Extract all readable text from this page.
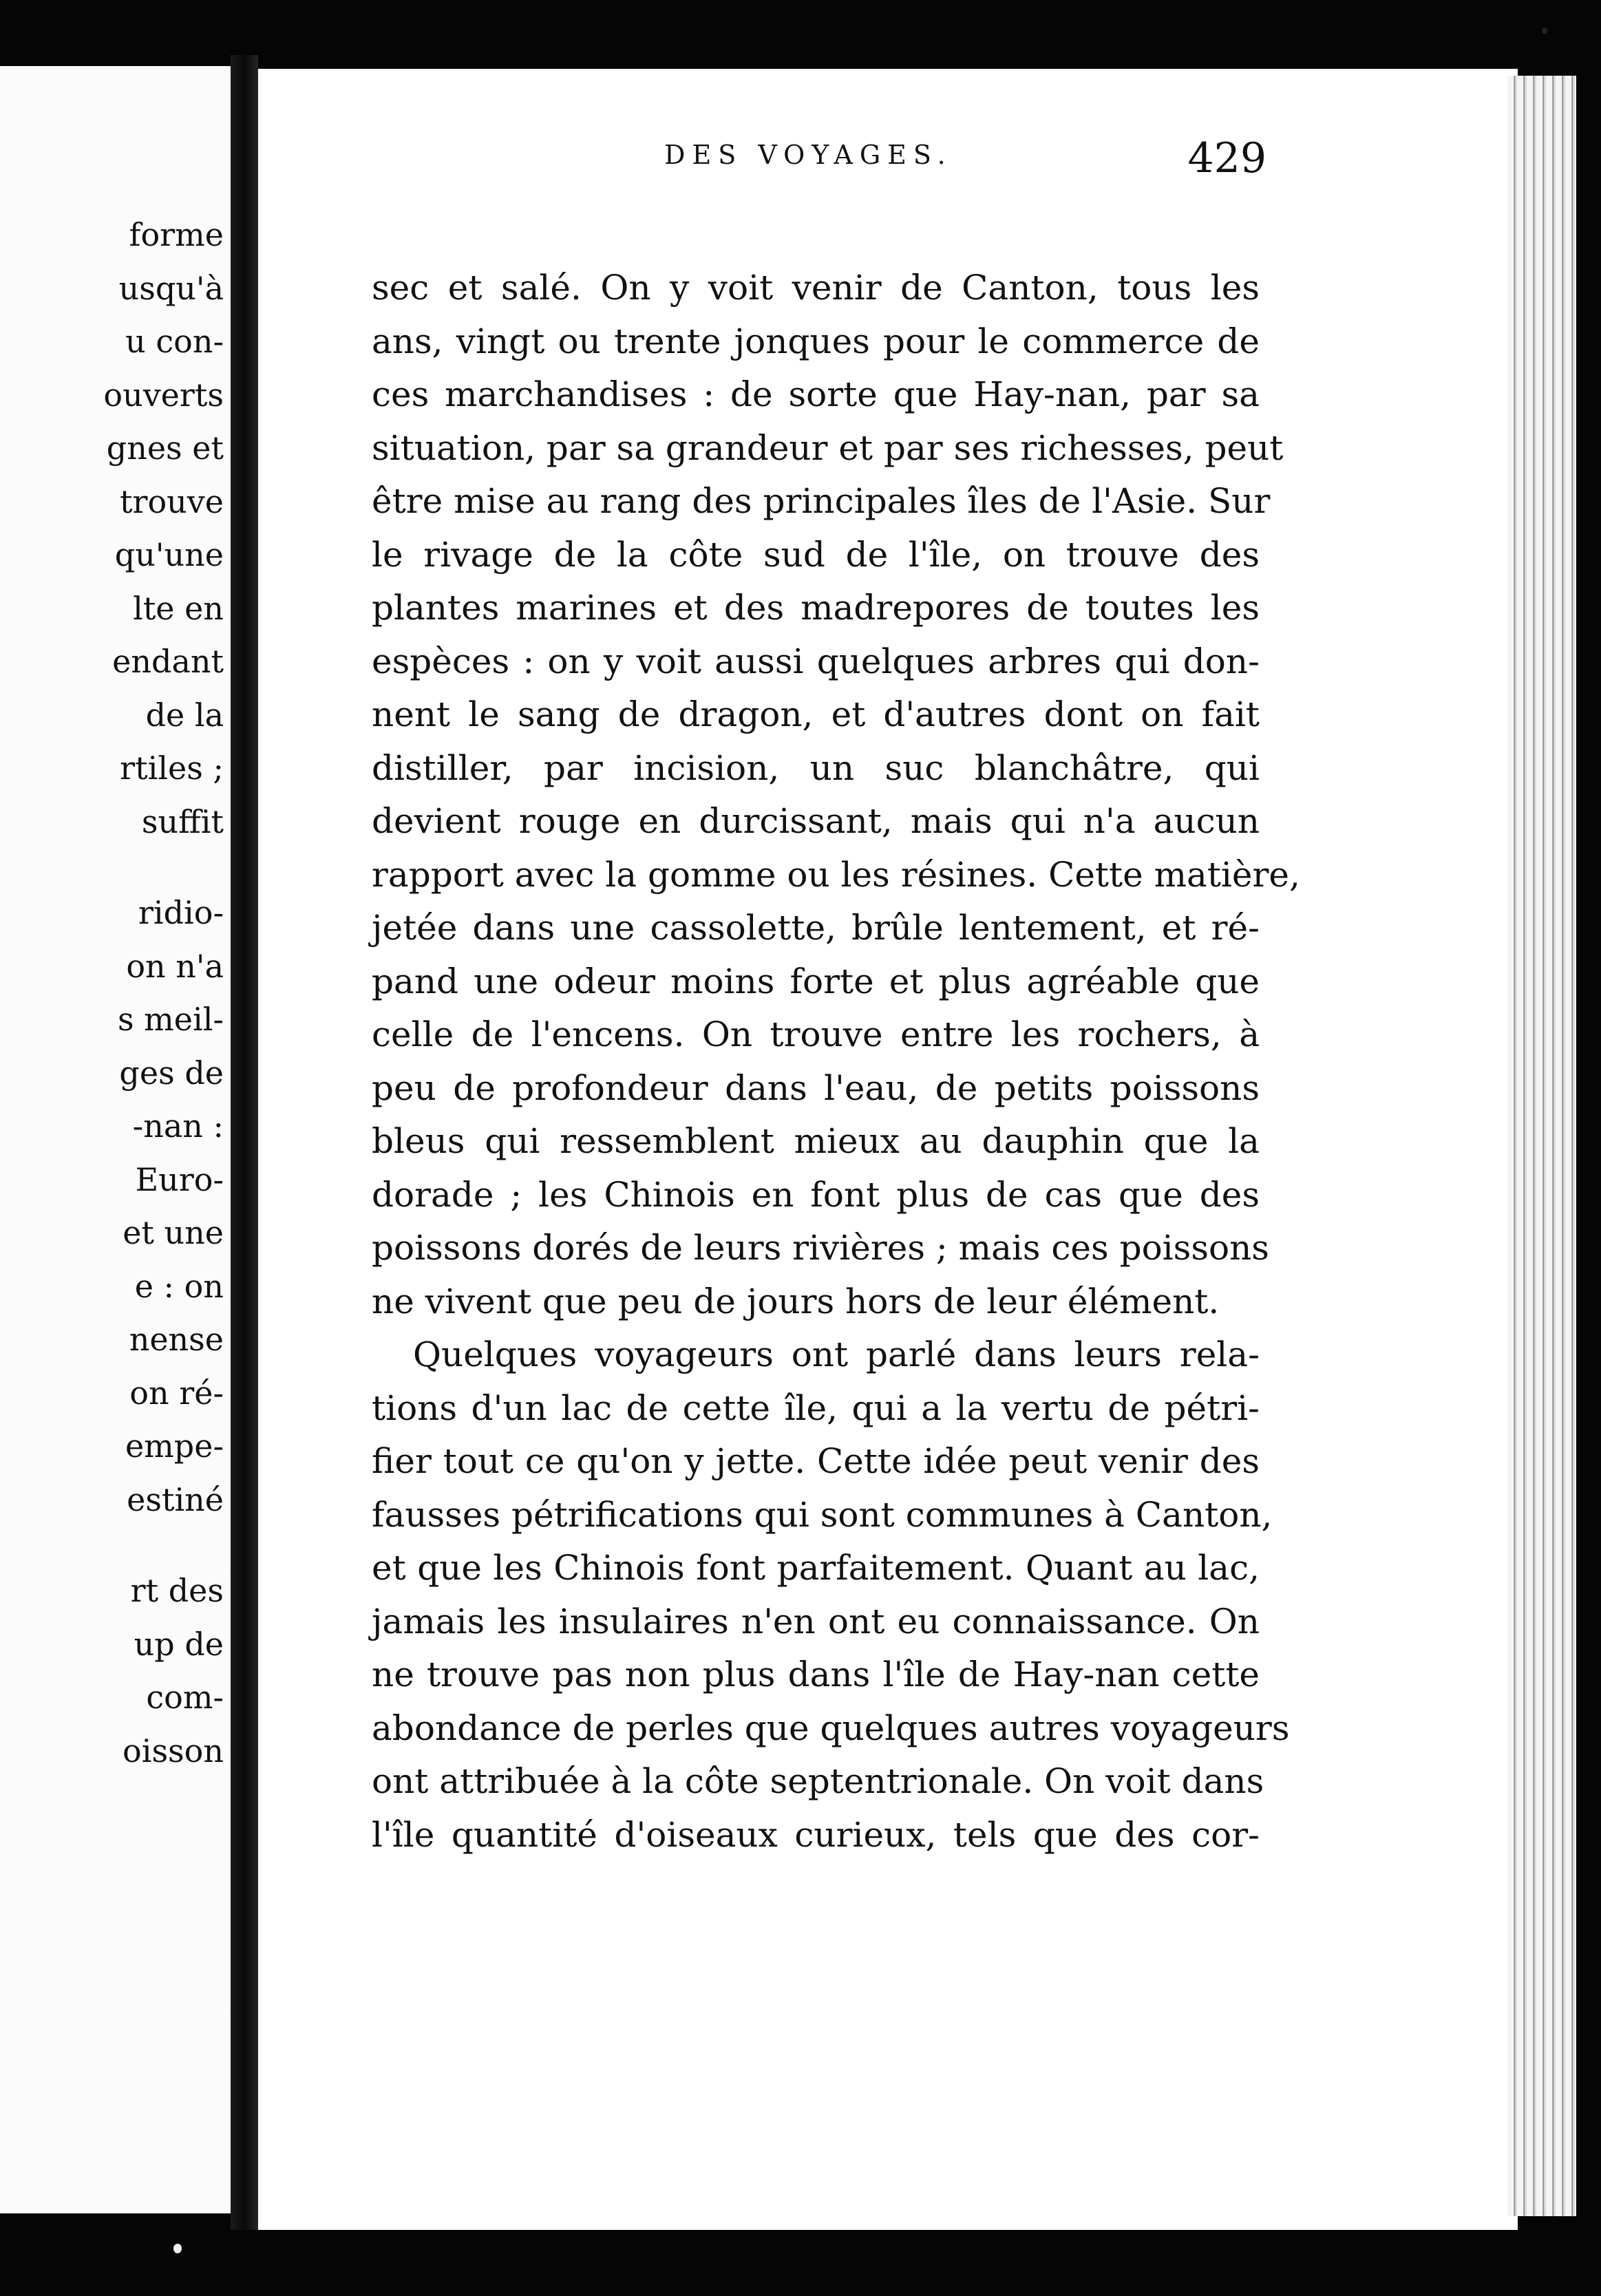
forme
usqu'à
u con-
ouverts
gnes et
trouve
qu'une
lte en
endant
de la
rtiles ;
suffit
ridio-
on n'a
s meil-
ges de
-nan :
Euro-
et une
e : on
nense
on ré-
empe-
estiné
rt des
up de
com-
oisson
DES VOYAGES.	429
sec et salé. On y voit venir de Canton, tous les
ans, vingt ou trente jonques pour le commerce de
ces marchandises : de sorte que Hay-nan, par sa
situation, par sa grandeur et par ses richesses, peut
être mise au rang des principales îles de l'Asie. Sur
le rivage de la côte sud de l'île, on trouve des
plantes marines et des madrepores de toutes les
espèces : on y voit aussi quelques arbres qui don-
nent le sang de dragon, et d'autres dont on fait
distiller, par incision, un suc blanchâtre, qui
devient rouge en durcissant, mais qui n'a aucun
rapport avec la gomme ou les résines. Cette matière,
jetée dans une cassolette, brûle lentement, et ré-
pand une odeur moins forte et plus agréable que
celle de l'encens. On trouve entre les rochers, à
peu de profondeur dans l'eau, de petits poissons
bleus qui ressemblent mieux au dauphin que la
dorade ; les Chinois en font plus de cas que des
poissons dorés de leurs rivières ; mais ces poissons
ne vivent que peu de jours hors de leur élément.
Quelques voyageurs ont parlé dans leurs rela-
tions d'un lac de cette île, qui a la vertu de pétri-
fier tout ce qu'on y jette. Cette idée peut venir des
fausses pétrifications qui sont communes à Canton,
et que les Chinois font parfaitement. Quant au lac,
jamais les insulaires n'en ont eu connaissance. On
ne trouve pas non plus dans l'île de Hay-nan cette
abondance de perles que quelques autres voyageurs
ont attribuée à la côte septentrionale. On voit dans
l'île quantité d'oiseaux curieux, tels que des cor-
